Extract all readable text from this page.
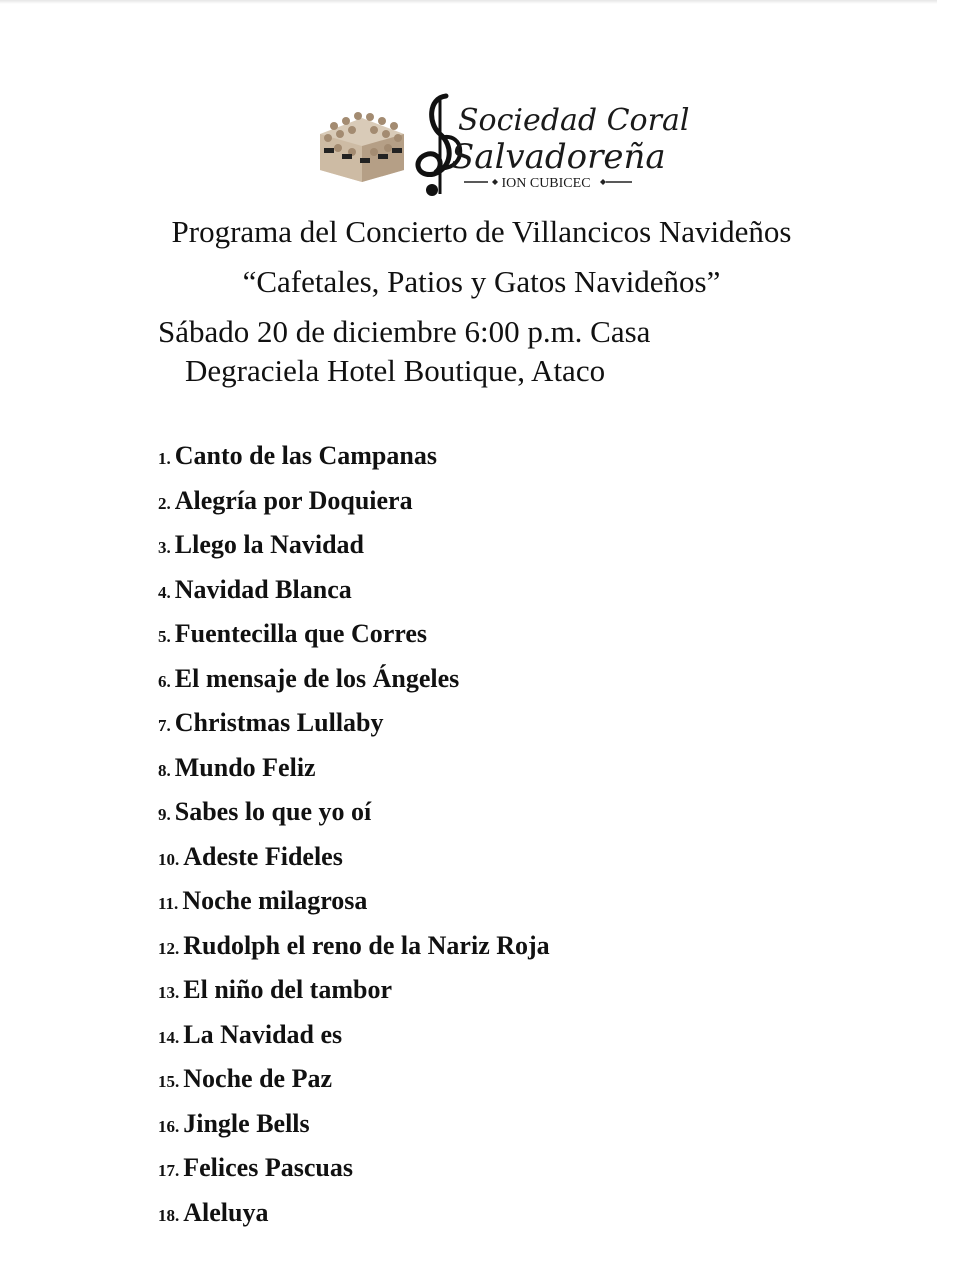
Sociedad Coral
Salvadoreña
ION CUBICEC
Programa del Concierto de Villancicos Navideños
“Cafetales, Patios y Gatos Navideños”
Sábado 20 de diciembre 6:00 p.m. Casa
Degraciela Hotel Boutique, Ataco
1. Canto de las Campanas
2. Alegría por Doquiera
3. Llego la Navidad
4. Navidad Blanca
5. Fuentecilla que Corres
6. El mensaje de los Ángeles
7. Christmas Lullaby
8. Mundo Feliz
9. Sabes lo que yo oí
10. Adeste Fideles
11. Noche milagrosa
12. Rudolph el reno de la Nariz Roja
13. El niño del tambor
14. La Navidad es
15. Noche de Paz
16. Jingle Bells
17. Felices Pascuas
18. Aleluya
